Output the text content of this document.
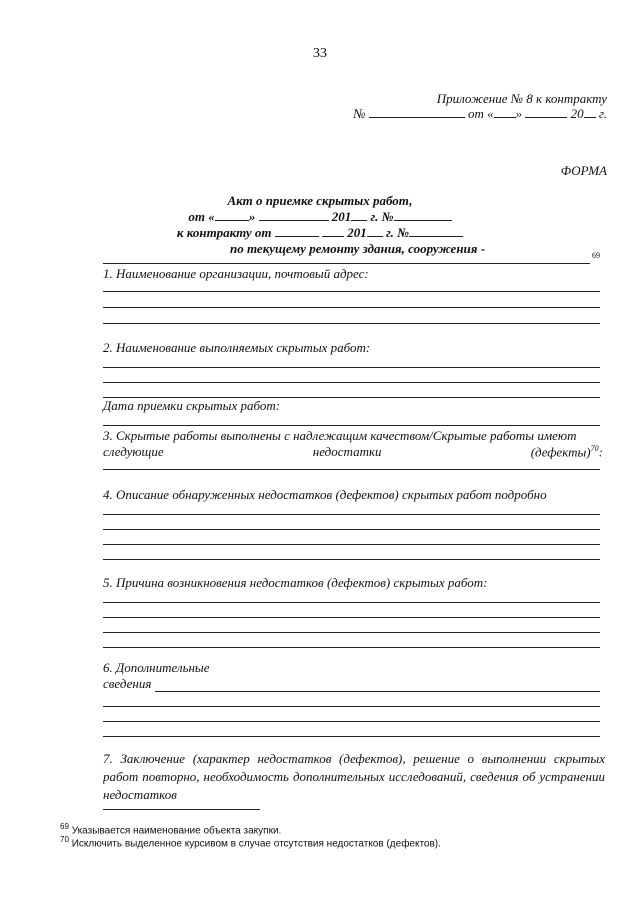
33
Приложение № 8 к контракту
№	от « »	20 г.
ФОРМА
Акт о приемке скрытых работ,
от «	»	201 г. №
к контракту от	201 г. №
по текущему ремонту здания, сооружения -	69
1. Наименование организации, почтовый адрес:
2. Наименование выполняемых скрытых работ:
Дата приемки скрытых работ:
3. Скрытые работы выполнены с надлежащим качеством/Скрытые работы имеют
следующие	недостатки	(дефекты)$^{70}$:
4. Описание обнаруженных недостатков (дефектов) скрытых работ подробно
5. Причина возникновения недостатков (дефектов) скрытых работ:
6. Дополнительные
сведения
7. Заключение (характер недостатков (дефектов), решение о выполнении скрытых работ повторно, необходимость дополнительных исследований, сведения об устранении недостатков
$^{69}$ Указывается наименование объекта закупки.
$^{70}$ Исключить выделенное курсивом в случае отсутствия недостатков (дефектов).
